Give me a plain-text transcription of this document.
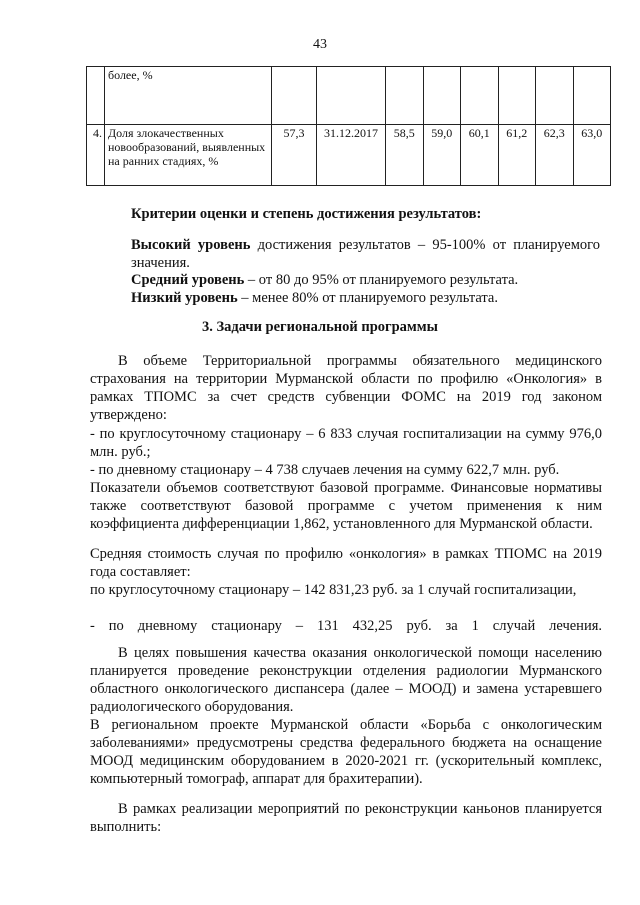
43
	более, %								
4.	Доля злокачественных новообразований, выявленных на ранних стадиях, %	57,3	31.12.2017	58,5	59,0	60,1	61,2	62,3	63,0
Критерии оценки и степень достижения результатов:

Высокий уровень достижения результатов – 95-100% от планируемого значения.

Средний уровень – от 80 до 95% от планируемого результата.

Низкий уровень – менее 80% от планируемого результата.

3. Задачи региональной программы
В объеме Территориальной программы обязательного медицинского страхования на территории Мурманской области по профилю «Онкология» в рамках ТПОМС за счет средств субвенции ФОМС на 2019 год законом утверждено:
- по круглосуточному стационару – 6 833 случая госпитализации на сумму 976,0 млн. руб.;
- по дневному стационару – 4 738 случаев лечения на сумму 622,7 млн. руб.
Показатели объемов соответствуют базовой программе. Финансовые нормативы также соответствуют базовой программе с учетом применения к ним коэффициента дифференциации 1,862, установленного для Мурманской области.
Средняя стоимость случая по профилю «онкология» в рамках ТПОМС на 2019 года составляет:
по круглосуточному стационару – 142 831,23 руб. за 1 случай госпитализации,
- по дневному стационару – 131 432,25 руб. за 1 случай лечения.
В целях повышения качества оказания онкологической помощи населению планируется проведение реконструкции отделения радиологии Мурманского областного онкологического диспансера (далее – МООД) и замена устаревшего радиологического оборудования.
В региональном проекте Мурманской области «Борьба с онкологическим заболеваниями» предусмотрены средства федерального бюджета на оснащение МООД медицинским оборудованием в 2020-2021 гг. (ускорительный комплекс, компьютерный томограф, аппарат для брахитерапии).
В рамках реализации мероприятий по реконструкции каньонов планируется выполнить:
